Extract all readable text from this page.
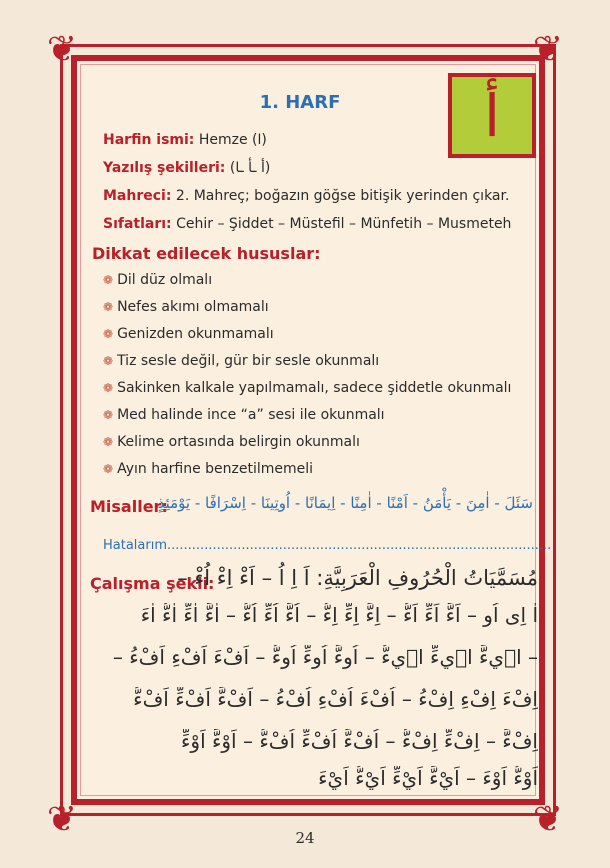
❦	❦
❦	❦
1. HARF	أ
Harfin ismi: Hemze (ا)
Yazılış şekilleri: (أ ـأ ـا)
Mahreci: 2. Mahreç; boğazın göğse bitişik yerinden çıkar.
Sıfatları: Cehir – Şiddet – Müstefil – Münfetih – Musmeteh
Dikkat edilecek hususlar:
❁ Dil düz olmalı
❁ Nefes akımı olmamalı
❁ Genizden okunmamalı
❁ Tiz sesle değil, gür bir sesle okunmalı
❁ Sakinken kalkale yapılmamalı, sadece şiddetle okunmalı
❁ Med halinde ince “a” sesi ile okunmalı
❁ Kelime ortasında belirgin okunmalı
❁ Ayın harfine benzetilmemeli
Misaller:
سَئَلَ - اٰمِنَ - يَأْمَنُ - اَمْنًا - اٰمِنًا - اِيمَانًا - اُوتِينَا - اِسْرَافًا - يَوْمَئِذٍ
Hatalarım.............................................................................................
Çalışma şekli:
مُسَمَّيَاتُ الْحُرُوفِ الْعَرَبِيَّةِ: اَ اِ اُ – اَءْ اِءْ اُءْ –
اٰ اِى اُو – اَءَّ اَءِّ اَءُّ – اِءَّ اِءِّ اِءُّ – اُءَّ اُءِّ اُءُّ – اٰءَّ اٰءِّ اٰءُّ اٰءَ
– اٖيءَّ اٖيءِّ اٖيءُّ – اُوءَّ اُوءِّ اُوءُّ – اَفْءَ اَفْءِ اَفْءُ –
اِفْءَ اِفْءِ اِفْءُ – اُفْءَ اُفْءِ اُفْءُ – اَفْءَّ اَفْءِّ اَفْءُّ
اِفْءَّ – اِفْءِّ اِفْءُّ – اُفْءَّ اُفْءِّ اُفْءُّ – اَوْءَّ اَوْءِّ
اَوْءُّ اَوْءَ – اَيْءَّ اَيْءِّ اَيْءُّ اَيْءَ
24
